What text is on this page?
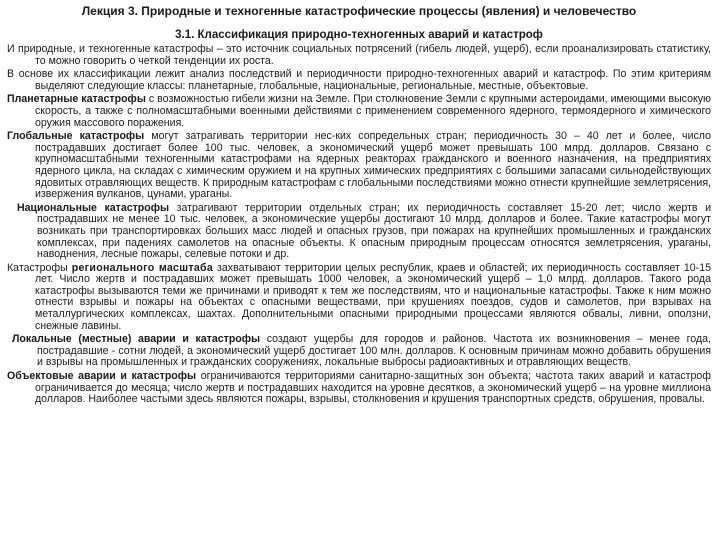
Лекция 3. Природные и техногенные катастрофические процессы (явления) и человечество
3.1. Классификация природно-техногенных аварий и катастроф

И природные, и техногенные катастрофы – это источник социальных потрясений (гибель людей, ущерб), если проанализировать статистику, то можно говорить о четкой тенденции их роста.

В основе их классификации лежит анализ последствий и периодичности природно-техногенных аварий и катастроф. По этим критериям выделяют следующие классы: планетарные, глобальные, национальные, региональные, местные, объектовые.

Планетарные катастрофы с возможностью гибели жизни на Земле. При столкновение Земли с крупными астероидами, имеющими высокую скорость, а также с полномасштабными военными действиями с применением современного ядерного, термоядерного и химического оружия массового поражения.

Глобальные катастрофы могут затрагивать территории нес-ких сопредельных стран; периодичность 30 – 40 лет и более, число пострадавших достигает более 100 тыс. человек, а экономический ущерб может превышать 100 млрд. долларов. Связано с крупномасштабными техногенными катастрофами на ядерных реакторах гражданского и военного назначения, на предприятиях ядерного цикла, на складах с химическим оружием и на крупных химических предприятиях с большими запасами сильнодействующих ядовитых отравляющих веществ. К природным катастрофам с глобальными последствиями можно отнести крупнейшие землетрясения, извержения вулканов, цунами, ураганы.

Национальные катастрофы затрагивают территории отдельных стран; их периодичность составляет 15-20 лет; число жертв и пострадавших не менее 10 тыс. человек, а экономические ущербы достигают 10 млрд. долларов и более. Такие катастрофы могут возникать при транспортировках больших масс людей и опасных грузов, при пожарах на крупнейших промышленных и гражданских комплексах, при падениях самолетов на опасные объекты. К опасным природным процессам относятся землетрясения, ураганы, наводнения, лесные пожары, селевые потоки и др.

Катастрофы регионального масштаба захватывают территории целых республик, краев и областей; их периодичность составляет 10-15 лет. Число жертв и пострадавших может превышать 1000 человек, а экономический ущерб – 1,0 млрд. долларов. Такого рода катастрофы вызываются теми же причинами и приводят к тем же последствиям, что и национальные катастрофы. Также к ним можно отнести взрывы и пожары на объектах с опасными веществами, при крушениях поездов, судов и самолетов, при взрывах на металлургических комплексах, шахтах. Дополнительными опасными природными процессами являются обвалы, ливни, оползни, снежные лавины.

Локальные (местные) аварии и катастрофы создают ущербы для городов и районов. Частота их возникновения – менее года, пострадавшие - сотни людей, а экономический ущерб достигает 100 млн. долларов. К основным причинам можно добавить обрушения и взрывы на промышленных и гражданских сооружениях, локальные выбросы радиоактивных и отравляющих веществ.

Объектовые аварии и катастрофы ограничиваются территориями санитарно-защитных зон объекта; частота таких аварий и катастроф ограничивается до месяца; число жертв и пострадавших находится на уровне десятков, а экономический ущерб – на уровне миллиона долларов. Наиболее частыми здесь являются пожары, взрывы, столкновения и крушения транспортных средств, обрушения, провалы.
